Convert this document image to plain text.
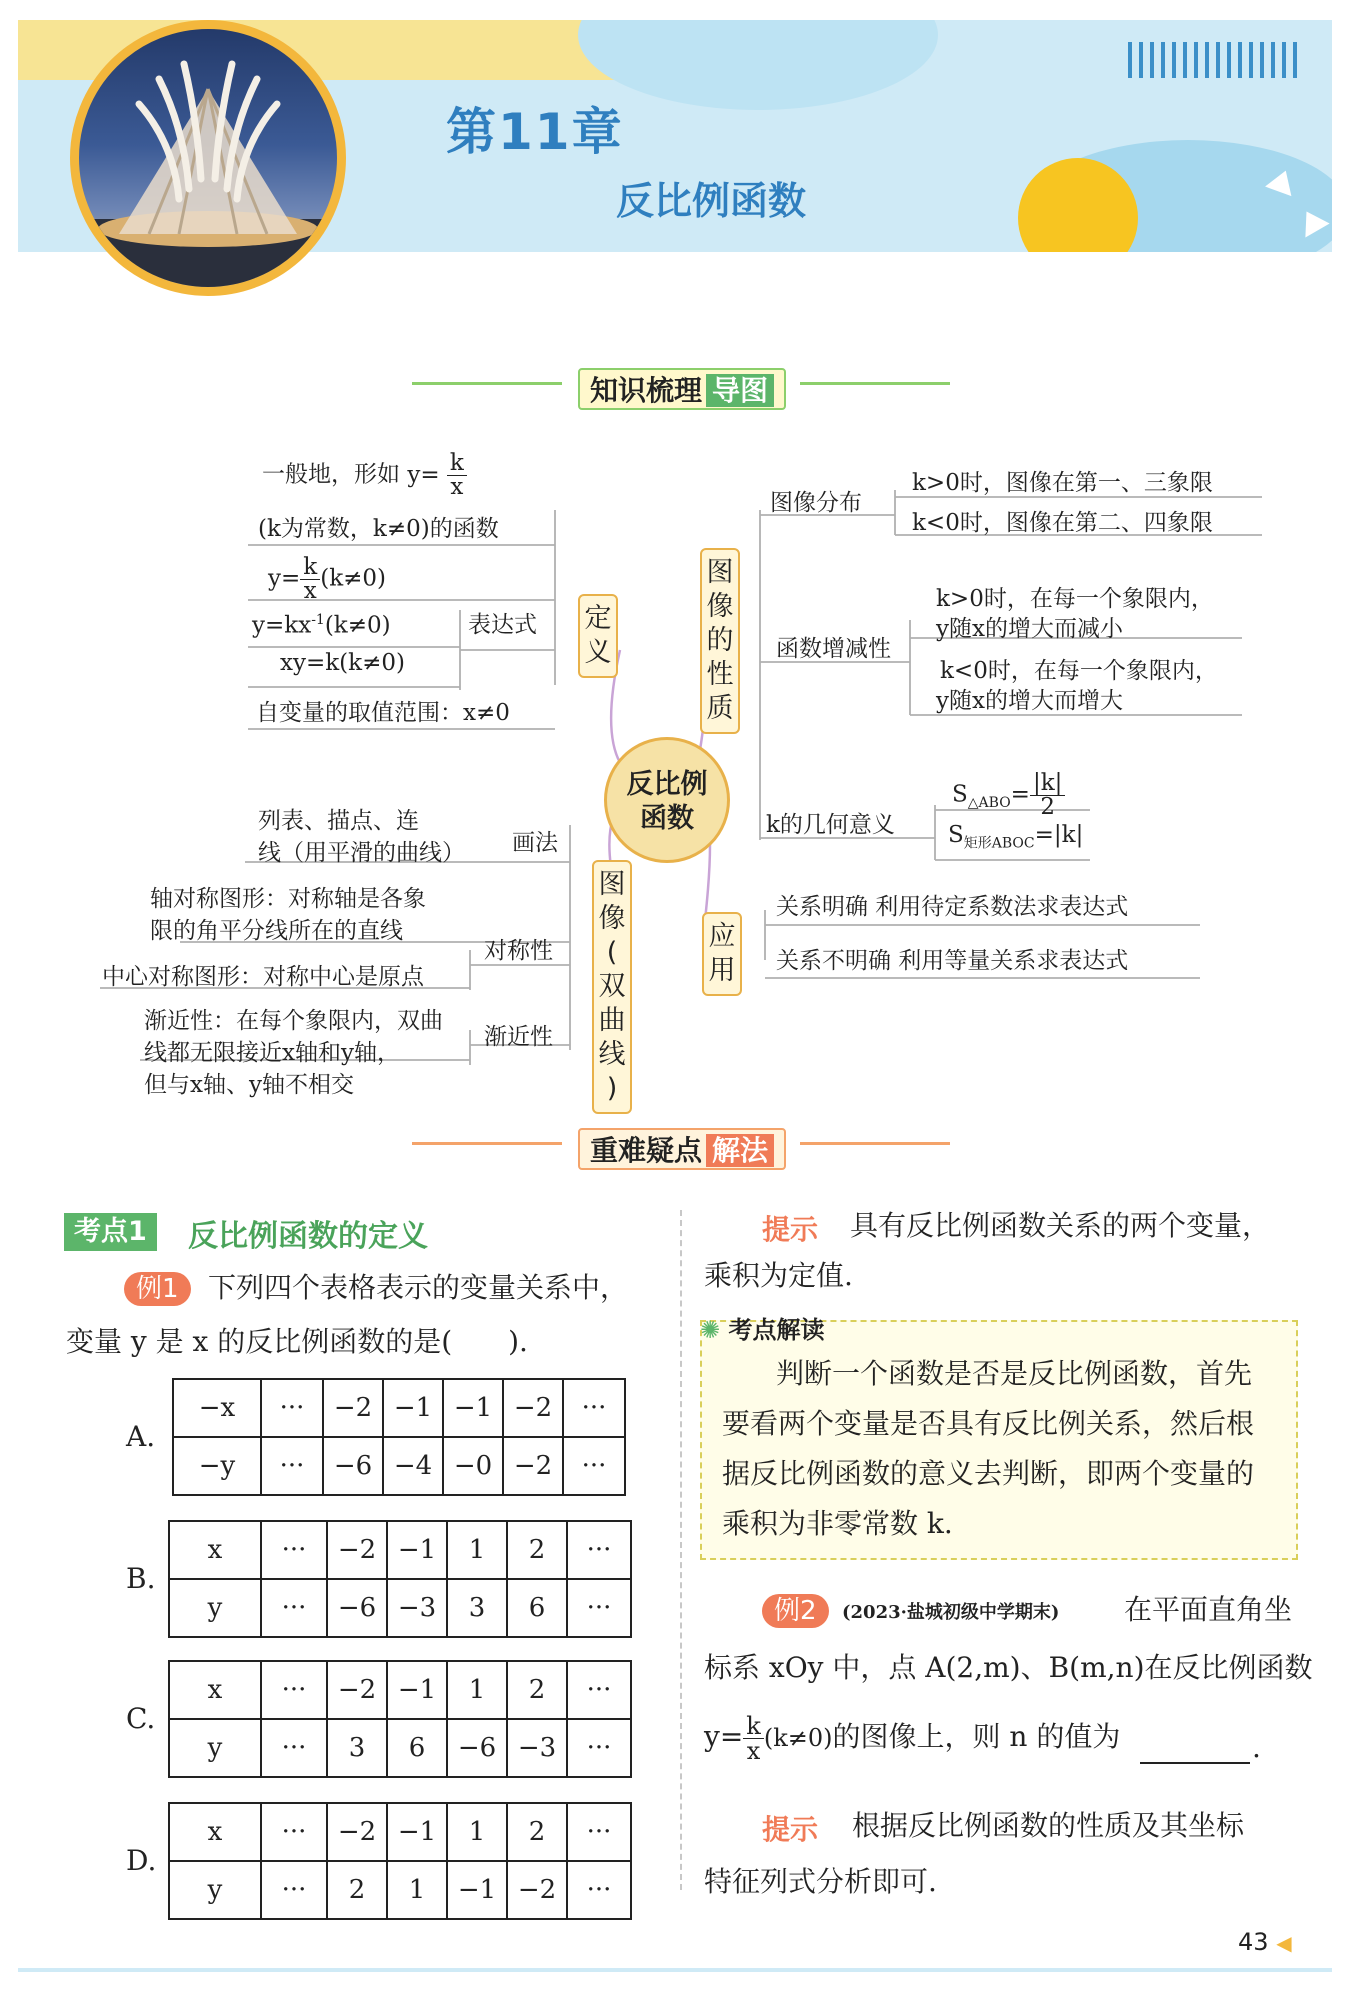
第11章
反比例函数
知识梳理 导图
一般地，形如 $y= \frac{k}{x}$
(k为常数，k≠0)的函数
$y= \frac{k}{x} (k\ne 0)$
$y=kx^{-1}(k\ne 0)$
xy=k(k≠0)
表达式
自变量的取值范围：x≠0
定
义
反比例
函数
图
像
的
性
质
图像分布
k>0时，图像在第一、三象限
k<0时，图像在第二、四象限
函数增减性
k>0时，在每一个象限内，
y随x的增大而减小
k<0时，在每一个象限内，
y随x的增大而增大
k的几何意义
$S_{\triangle ABO}= \frac{|k|}{2}$
$S_{矩形ABOC}=|k|$
图
像
(
双
曲
线
)
列表、描点、连
线（用平滑的曲线） 画法
轴对称图形：对称轴是各象
限的角平分线所在的直线
中心对称图形：对称中心是原点
对称性
渐近性：在每个象限内，双曲
线都无限接近x轴和y轴，
但与x轴、y轴不相交
渐近性
应
用
关系明确 利用待定系数法求表达式
关系不明确 利用等量关系求表达式
重难疑点 解法
考点1	反比例函数的定义
例1	下列四个表格表示的变量关系中，
变量 y 是 x 的反比例函数的是(　　).
A.
−x	···	−2	−1	−1	−2	···
−y	···	−6	−4	−0	−2	···
B.
x	···	−2	−1	1	2	···
y	···	−6	−3	3	6	···
C.
x	···	−2	−1	1	2	···
y	···	3	6	−6	−3	···
D.
x	···	−2	−1	1	2	···
y	···	2	1	−1	−2	···
提示 具有反比例函数关系的两个变量，
乘积为定值.
✺ 考点解读
判断一个函数是否是反比例函数，首先
要看两个变量是否具有反比例关系，然后根
据反比例函数的意义去判断，即两个变量的
乘积为非零常数 k.
例2	(2023·盐城初级中学期末) 在平面直角坐
标系 xOy 中，点 A(2,m)、B(m,n)在反比例函数
$y= \frac{k}{x} (k\ne 0)$的图像上，则 n 的值为	.
提示 根据反比例函数的性质及其坐标
特征列式分析即可.
43 ◀
